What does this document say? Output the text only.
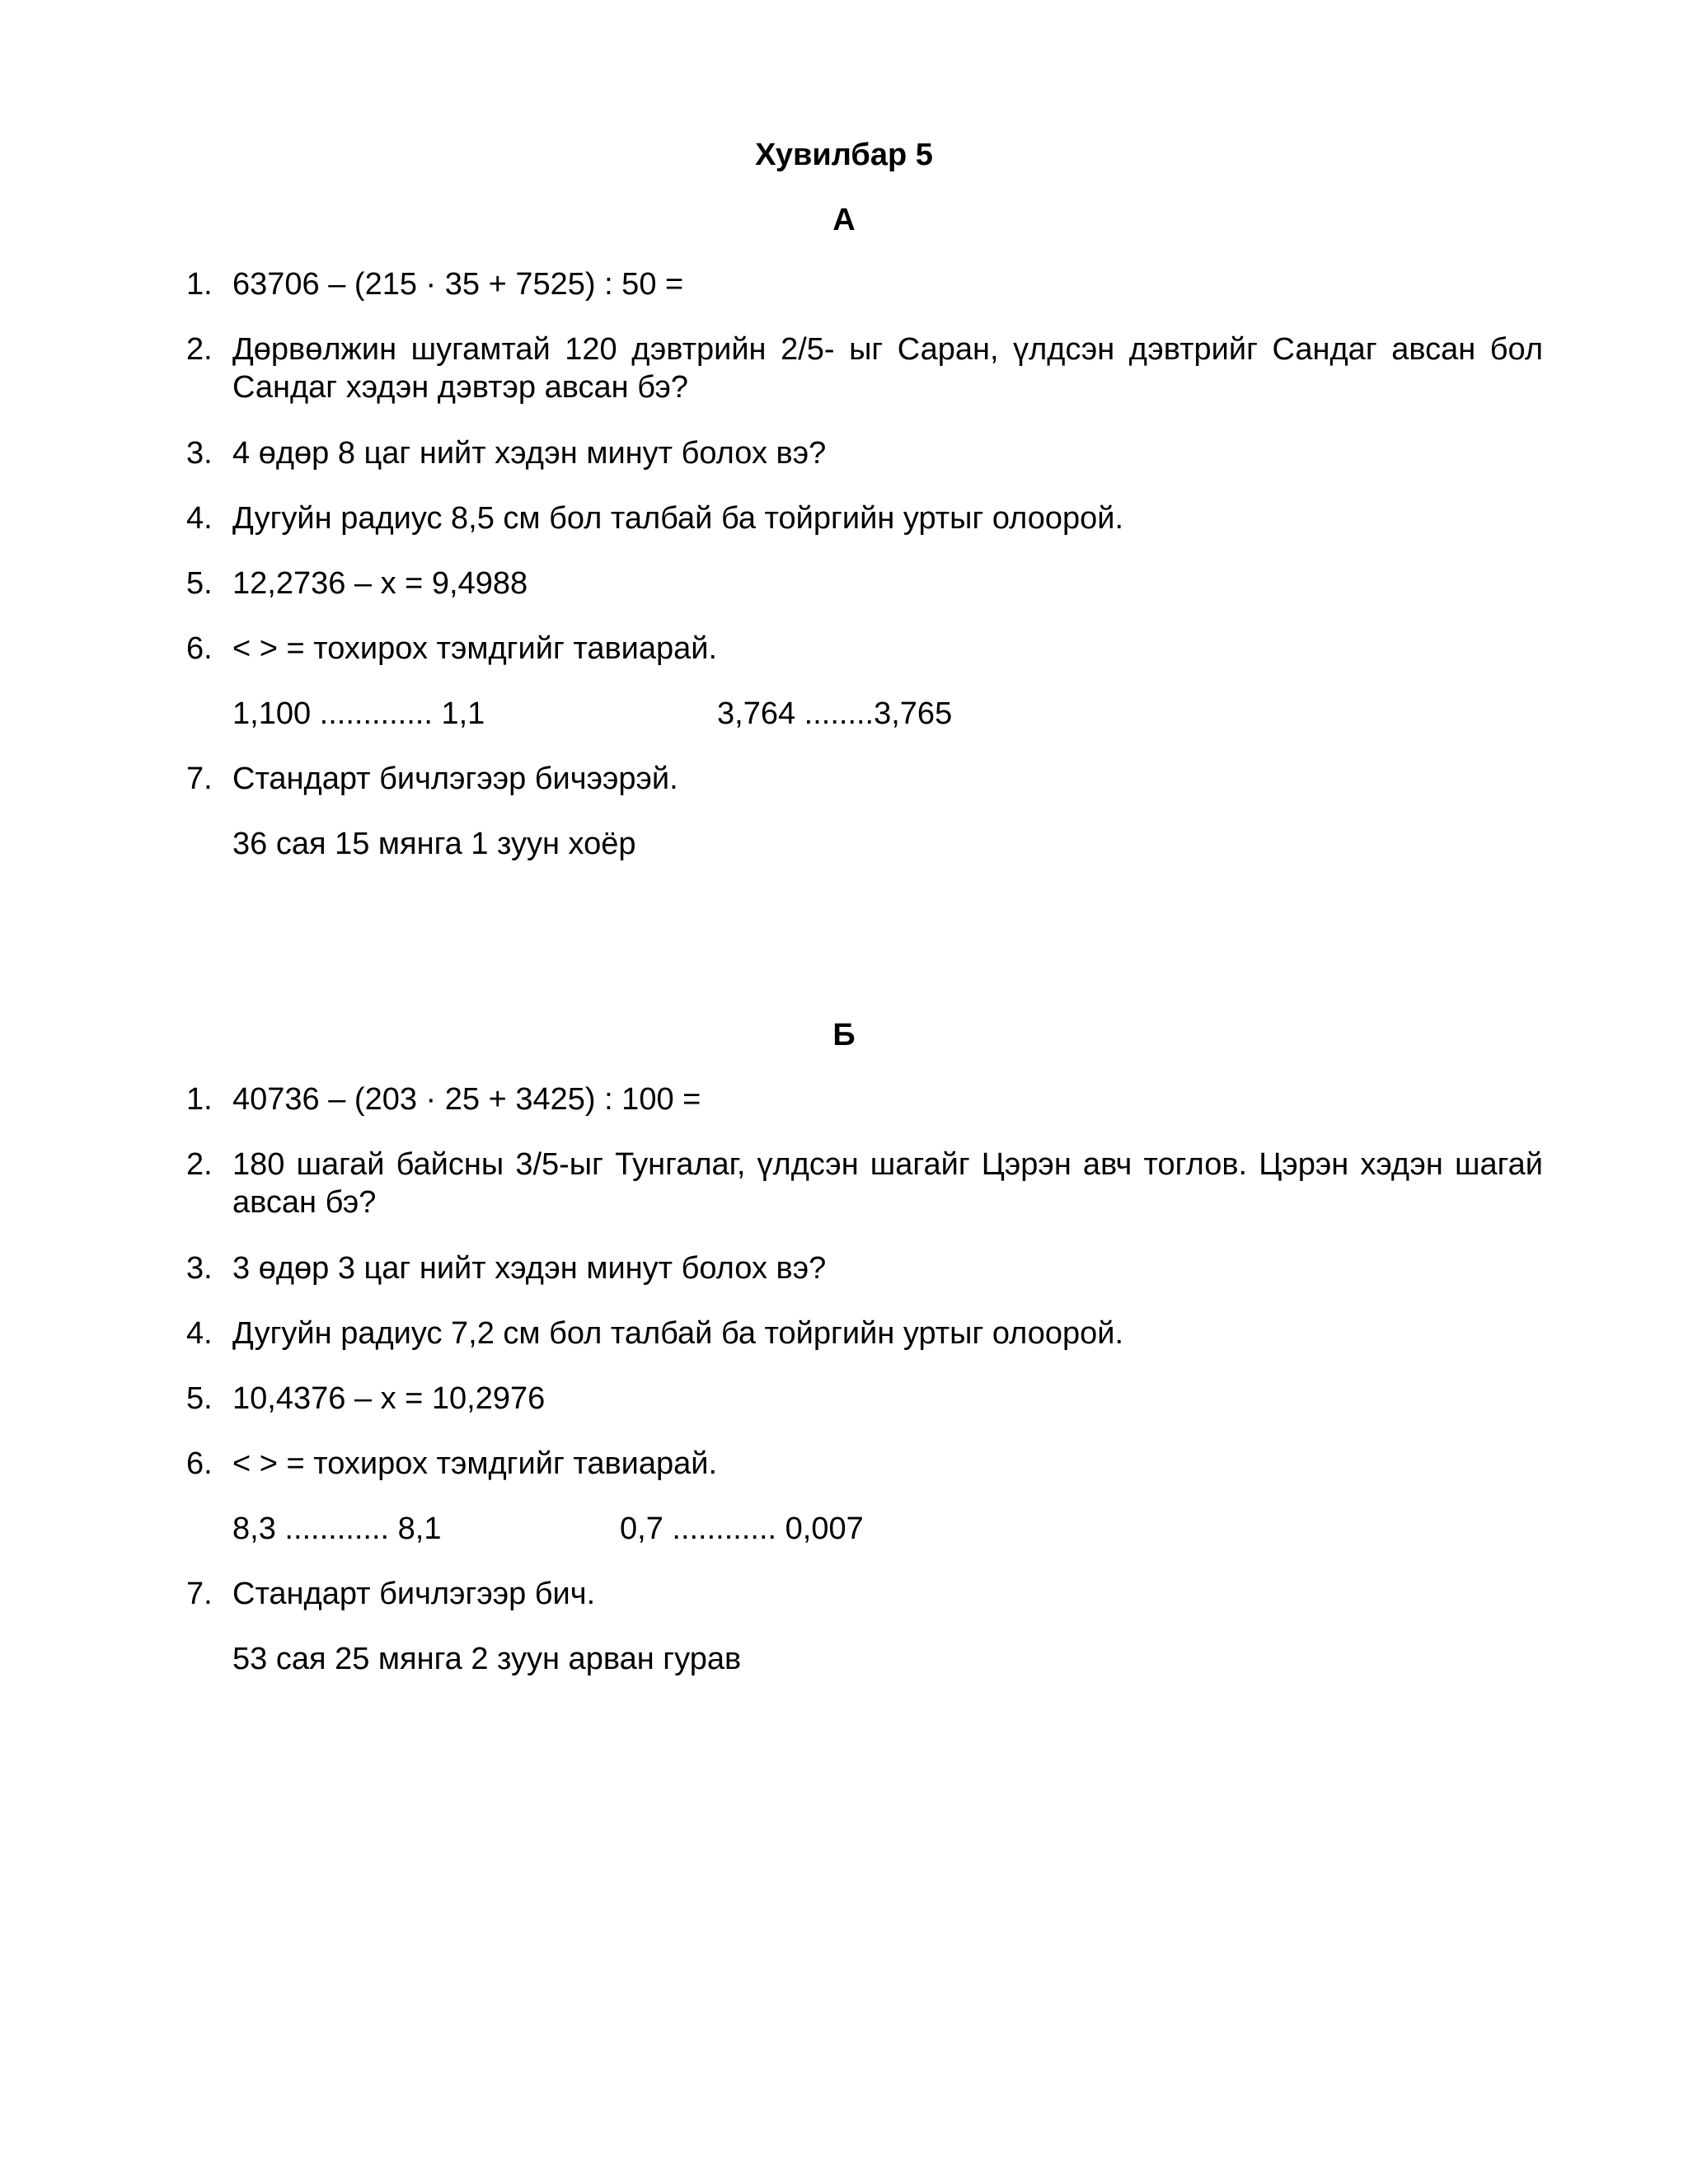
Хувилбар 5
А
1. 63706 – (215 · 35 + 7525) : 50 =
2. Дөрвөлжин шугамтай 120 дэвтрийн 2/5- ыг Саран, үлдсэн дэвтрийг Сандаг авсан бол Сандаг хэдэн дэвтэр авсан бэ?
3. 4 өдөр 8 цаг нийт хэдэн минут болох вэ?
4. Дугуйн радиус 8,5 см бол талбай ба тойргийн уртыг олоорой.
5. 12,2736 – x = 9,4988
6. < > = тохирох тэмдгийг тавиарай.
1,100 ............. 1,1	3,764 ........3,765
7. Стандарт бичлэгээр бичээрэй.
36 сая 15 мянга 1 зуун хоёр
Б
1. 40736 – (203 · 25 + 3425) : 100 =
2. 180 шагай байсны 3/5-ыг Тунгалаг, үлдсэн шагайг Цэрэн авч тоглов. Цэрэн хэдэн шагай авсан бэ?
3. 3 өдөр 3 цаг нийт хэдэн минут болох вэ?
4. Дугуйн радиус 7,2 см бол талбай ба тойргийн уртыг олоорой.
5. 10,4376 – x = 10,2976
6. < > = тохирох тэмдгийг тавиарай.
8,3 ............ 8,1	0,7 ............ 0,007
7. Стандарт бичлэгээр бич.
53 сая 25 мянга 2 зуун арван гурав
